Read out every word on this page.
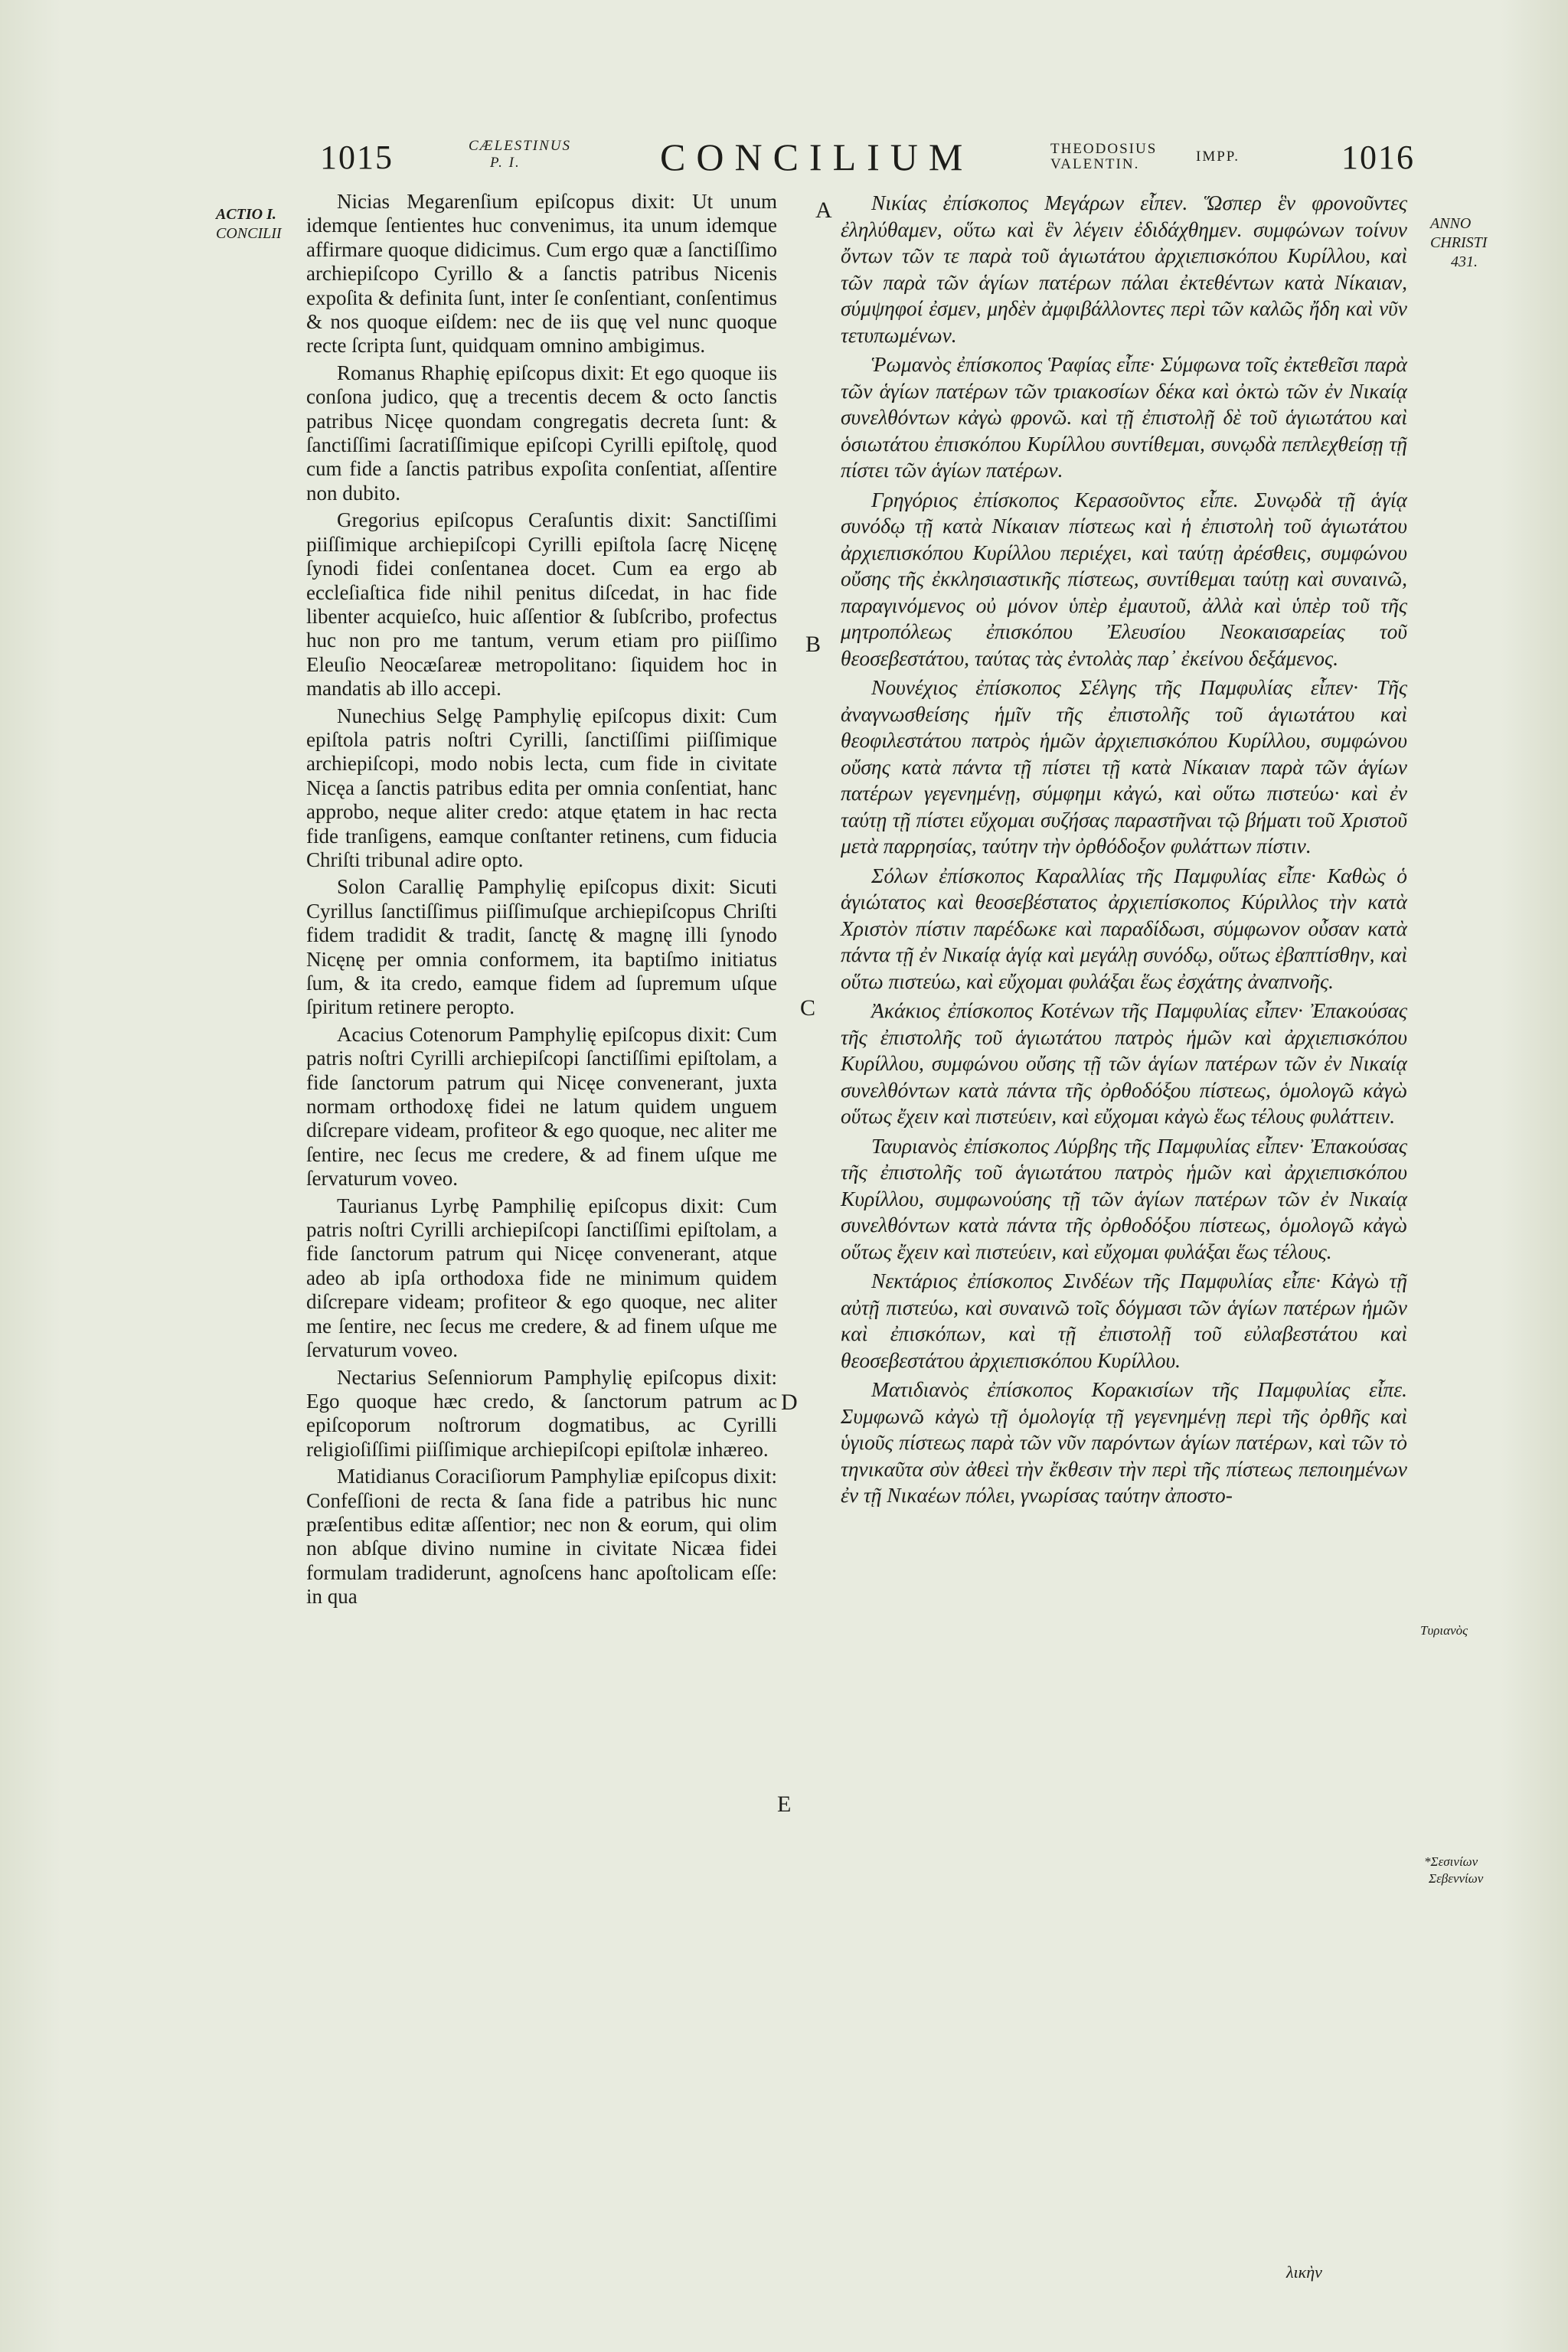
1015	CÆLESTINUS
P. I.	CONCILIUM	THEODOSIUS
VALENTIN.	IMPP.	1016
ACTIO I.
CONCILII
ANNO
CHRISTI
431.
Τυριανὸς
*Σεσινίων
Σεβεννίων
A
B
C
D
E

Nicias Megarenſium epiſcopus dixit: Ut unum idemque ſentientes huc convenimus, ita unum idemque affirmare quoque didicimus. Cum ergo quæ a ſanctiſſimo archiepiſcopo Cyrillo & a ſanctis patribus Nicenis expoſita & definita ſunt, inter ſe conſentiant, conſentimus & nos quoque eiſdem: nec de iis quę vel nunc quoque recte ſcripta ſunt, quidquam omnino ambigimus.

Romanus Rhaphię epiſcopus dixit: Et ego quoque iis conſona judico, quę a trecentis decem & octo ſanctis patribus Nicęe quondam congregatis decreta ſunt: & ſanctiſſimi ſacratiſſimique epiſcopi Cyrilli epiſtolę, quod cum fide a ſanctis patribus expoſita conſentiat, aſſentire non dubito.

Gregorius epiſcopus Ceraſuntis dixit: Sanctiſſimi piiſſimique archiepiſcopi Cyrilli epiſtola ſacrę Nicęnę ſynodi fidei conſentanea docet. Cum ea ergo ab eccleſiaſtica fide nihil penitus diſcedat, in hac fide libenter acquieſco, huic aſſentior & ſubſcribo, profectus huc non pro me tantum, verum etiam pro piiſſimo Eleuſio Neocæſareæ metropolitano: ſiquidem hoc in mandatis ab illo accepi.

Nunechius Selgę Pamphylię epiſcopus dixit: Cum epiſtola patris noſtri Cyrilli, ſanctiſſimi piiſſimique archiepiſcopi, modo nobis lecta, cum fide in civitate Nicęa a ſanctis patribus edita per omnia conſentiat, hanc approbo, neque aliter credo: atque ętatem in hac recta fide tranſigens, eamque conſtanter retinens, cum fiducia Chriſti tribunal adire opto.

Solon Carallię Pamphylię epiſcopus dixit: Sicuti Cyrillus ſanctiſſimus piiſſimuſque archiepiſcopus Chriſti fidem tradidit & tradit, ſanctę & magnę illi ſynodo Nicęnę per omnia conformem, ita baptiſmo initiatus ſum, & ita credo, eamque fidem ad ſupremum uſque ſpiritum retinere peropto.

Acacius Cotenorum Pamphylię epiſcopus dixit: Cum patris noſtri Cyrilli archiepiſcopi ſanctiſſimi epiſtolam, a fide ſanctorum patrum qui Nicęe convenerant, juxta normam orthodoxę fidei ne latum quidem unguem diſcrepare videam, profiteor & ego quoque, nec aliter me ſentire, nec ſecus me credere, & ad finem uſque me ſervaturum voveo.

Taurianus Lyrbę Pamphilię epiſcopus dixit: Cum patris noſtri Cyrilli archiepiſcopi ſanctiſſimi epiſtolam, a fide ſanctorum patrum qui Nicęe convenerant, atque adeo ab ipſa orthodoxa fide ne minimum quidem diſcrepare videam; profiteor & ego quoque, nec aliter me ſentire, nec ſecus me credere, & ad finem uſque me ſervaturum voveo.

Nectarius Seſenniorum Pamphylię epiſcopus dixit: Ego quoque hæc credo, & ſanctorum patrum ac epiſcoporum noſtrorum dogmatibus, ac Cyrilli religioſiſſimi piiſſimique archiepiſcopi epiſtolæ inhæreo.

Matidianus Coraciſiorum Pamphyliæ epiſcopus dixit: Confeſſioni de recta & ſana fide a patribus hic nunc præſentibus editæ aſſentior; nec non & eorum, qui olim non abſque divino numine in civitate Nicæa fidei formulam tradiderunt, agnoſcens hanc apoſtolicam eſſe: in qua

Νικίας ἐπίσκοπος Μεγάρων εἶπεν. Ὥσπερ ἓν φρονοῦντες ἐληλύθαμεν, οὕτω καὶ ἓν λέγειν ἐδιδάχθημεν. συμφώνων τοίνυν ὄντων τῶν τε παρὰ τοῦ ἁγιωτάτου ἀρχιεπισκόπου Κυρίλλου, καὶ τῶν παρὰ τῶν ἁγίων πατέρων πάλαι ἐκτεθέντων κατὰ Νίκαιαν, σύμψηφοί ἐσμεν, μηδὲν ἀμφιβάλλοντες περὶ τῶν καλῶς ἤδη καὶ νῦν τετυπωμένων.

Ῥωμανὸς ἐπίσκοπος Ῥαφίας εἶπε· Σύμφωνα τοῖς ἐκτεθεῖσι παρὰ τῶν ἁγίων πατέρων τῶν τριακοσίων δέκα καὶ ὀκτὼ τῶν ἐν Νικαίᾳ συνελθόντων κἀγὼ φρονῶ. καὶ τῇ ἐπιστολῇ δὲ τοῦ ἁγιωτάτου καὶ ὁσιωτάτου ἐπισκόπου Κυρίλλου συντίθεμαι, συνῳδὰ πεπλεχθείσῃ τῇ πίστει τῶν ἁγίων πατέρων.

Γρηγόριος ἐπίσκοπος Κερασοῦντος εἶπε. Συνῳδὰ τῇ ἁγίᾳ συνόδῳ τῇ κατὰ Νίκαιαν πίστεως καὶ ἡ ἐπιστολὴ τοῦ ἁγιωτάτου ἀρχιεπισκόπου Κυρίλλου περιέχει, καὶ ταύτῃ ἀρέσθεις, συμφώνου οὔσης τῆς ἐκκλησιαστικῆς πίστεως, συντίθεμαι ταύτῃ καὶ συναινῶ, παραγινόμενος οὐ μόνον ὑπὲρ ἐμαυτοῦ, ἀλλὰ καὶ ὑπὲρ τοῦ τῆς μητροπόλεως ἐπισκόπου Ἐλευσίου Νεοκαισαρείας τοῦ θεοσεβεστάτου, ταύτας τὰς ἐντολὰς παρ᾽ ἐκείνου δεξάμενος.

Νουνέχιος ἐπίσκοπος Σέλγης τῆς Παμφυλίας εἶπεν· Τῆς ἀναγνωσθείσης ἡμῖν τῆς ἐπιστολῆς τοῦ ἁγιωτάτου καὶ θεοφιλεστάτου πατρὸς ἡμῶν ἀρχιεπισκόπου Κυρίλλου, συμφώνου οὔσης κατὰ πάντα τῇ πίστει τῇ κατὰ Νίκαιαν παρὰ τῶν ἁγίων πατέρων γεγενημένῃ, σύμφημι κἀγώ, καὶ οὕτω πιστεύω· καὶ ἐν ταύτῃ τῇ πίστει εὔχομαι συζήσας παραστῆναι τῷ βήματι τοῦ Χριστοῦ μετὰ παρρησίας, ταύτην τὴν ὀρθόδοξον φυλάττων πίστιν.

Σόλων ἐπίσκοπος Καραλλίας τῆς Παμφυλίας εἶπε· Καθὼς ὁ ἁγιώτατος καὶ θεοσεβέστατος ἀρχιεπίσκοπος Κύριλλος τὴν κατὰ Χριστὸν πίστιν παρέδωκε καὶ παραδίδωσι, σύμφωνον οὖσαν κατὰ πάντα τῇ ἐν Νικαίᾳ ἁγίᾳ καὶ μεγάλῃ συνόδῳ, οὕτως ἐβαπτίσθην, καὶ οὕτω πιστεύω, καὶ εὔχομαι φυλάξαι ἕως ἐσχάτης ἀναπνοῆς.

Ἀκάκιος ἐπίσκοπος Κοτένων τῆς Παμφυλίας εἶπεν· Ἐπακούσας τῆς ἐπιστολῆς τοῦ ἁγιωτάτου πατρὸς ἡμῶν καὶ ἀρχιεπισκόπου Κυρίλλου, συμφώνου οὔσης τῇ τῶν ἁγίων πατέρων τῶν ἐν Νικαίᾳ συνελθόντων κατὰ πάντα τῆς ὀρθοδόξου πίστεως, ὁμολογῶ κἀγὼ οὕτως ἔχειν καὶ πιστεύειν, καὶ εὔχομαι κἀγὼ ἕως τέλους φυλάττειν.

Ταυριανὸς ἐπίσκοπος Λύρβης τῆς Παμφυλίας εἶπεν· Ἐπακούσας τῆς ἐπιστολῆς τοῦ ἁγιωτάτου πατρὸς ἡμῶν καὶ ἀρχιεπισκόπου Κυρίλλου, συμφωνούσης τῇ τῶν ἁγίων πατέρων τῶν ἐν Νικαίᾳ συνελθόντων κατὰ πάντα τῆς ὀρθοδόξου πίστεως, ὁμολογῶ κἀγὼ οὕτως ἔχειν καὶ πιστεύειν, καὶ εὔχομαι φυλάξαι ἕως τέλους.

Νεκτάριος ἐπίσκοπος Σινδέων τῆς Παμφυλίας εἶπε· Κἀγὼ τῇ αὐτῇ πιστεύω, καὶ συναινῶ τοῖς δόγμασι τῶν ἁγίων πατέρων ἡμῶν καὶ ἐπισκόπων, καὶ τῇ ἐπιστολῇ τοῦ εὐλαβεστάτου καὶ θεοσεβεστάτου ἀρχιεπισκόπου Κυρίλλου.

Ματιδιανὸς ἐπίσκοπος Κορακισίων τῆς Παμφυλίας εἶπε. Συμφωνῶ κἀγὼ τῇ ὁμολογίᾳ τῇ γεγενημένῃ περὶ τῆς ὀρθῆς καὶ ὑγιοῦς πίστεως παρὰ τῶν νῦν παρόντων ἁγίων πατέρων, καὶ τῶν τὸ τηνικαῦτα σὺν ἀθεεὶ τὴν ἔκθεσιν τὴν περὶ τῆς πίστεως πεποιημένων ἐν τῇ Νικαέων πόλει, γνωρίσας ταύτην ἀποστο-

λικὴν
